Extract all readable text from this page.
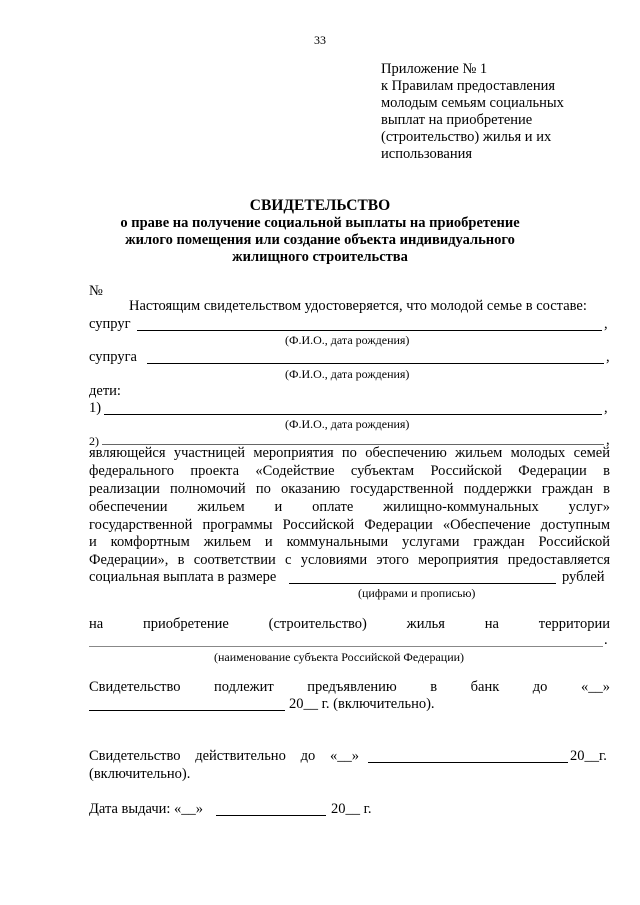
33
Приложение № 1
к Правилам предоставления
молодым семьям социальных
выплат на приобретение
(строительство) жилья и их
использования
СВИДЕТЕЛЬСТВО
о праве на получение социальной выплаты на приобретение жилого помещения или создание объекта индивидуального жилищного строительства
№
Настоящим свидетельством удостоверяется, что молодой семье в составе:
супруг	,
(Ф.И.О., дата рождения)
супруга	,
(Ф.И.О., дата рождения)
дети:
1)	,
(Ф.И.О., дата рождения)
2)	,
являющейся участницей мероприятия по обеспечению жильем молодых семей
федерального проекта «Содействие субъектам Российской Федерации в
реализации полномочий по оказанию государственной поддержки граждан в
обеспечении жильем и оплате жилищно-коммунальных услуг»
государственной программы Российской Федерации «Обеспечение доступным
и комфортным жильем и коммунальными услугами граждан Российской
Федерации», в соответствии с условиями этого мероприятия предоставляется
социальная выплата в размере	рублей
(цифрами и прописью)
на	приобретение	(строительство)	жилья	на	территории
.
(наименование субъекта Российской Федерации)
Свидетельство подлежит предъявлению в банк до «__»
20__ г. (включительно).
Свидетельство действительно до «__»	20__г.
(включительно).
Дата выдачи: «__»	20__ г.
